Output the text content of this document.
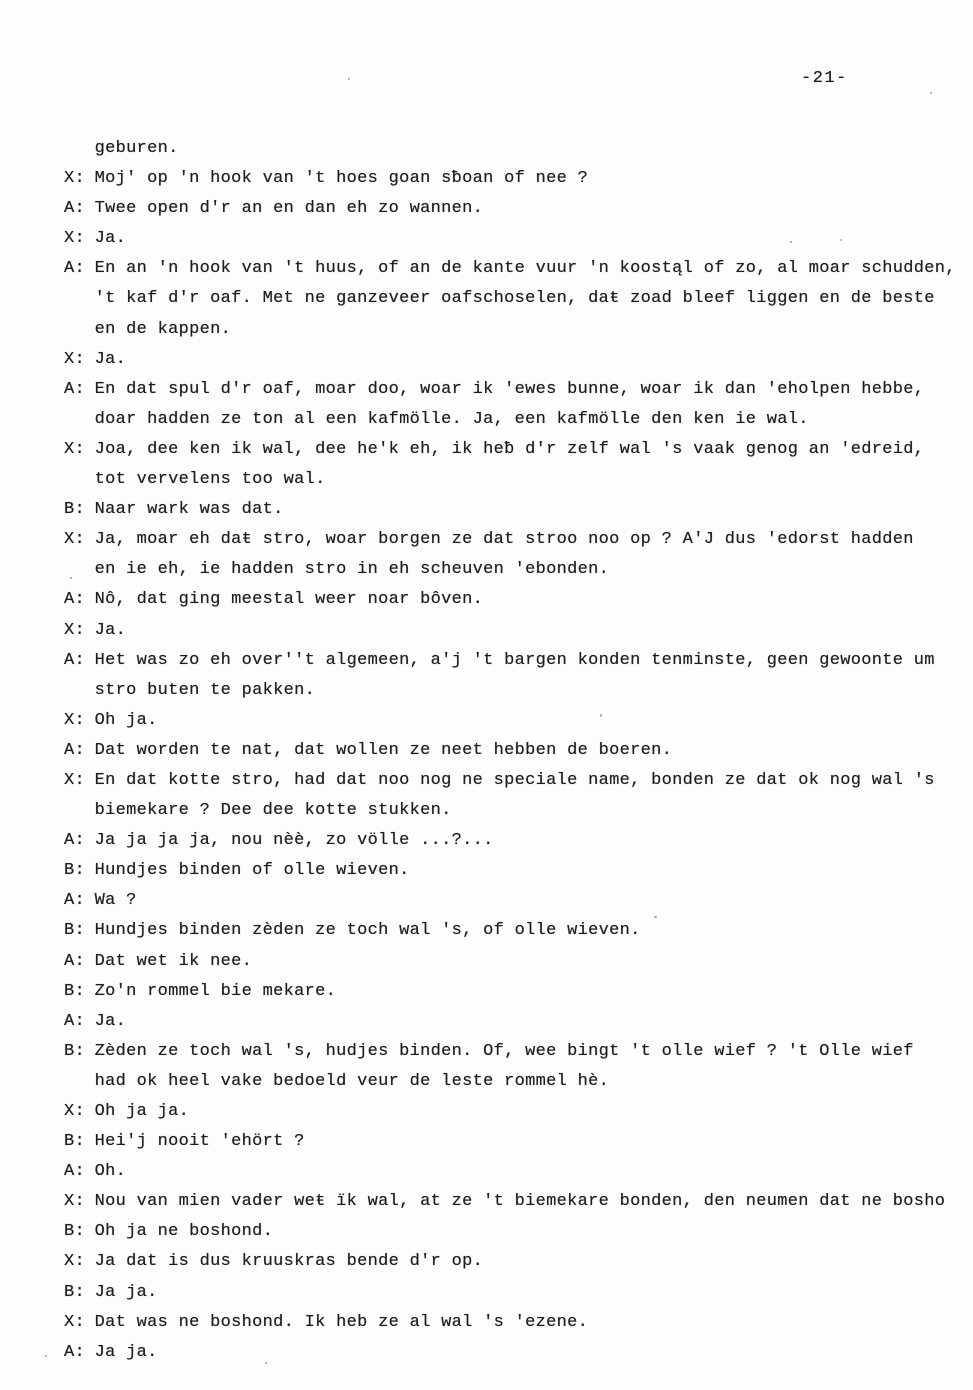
-21-
geburen.
X: Moj' op 'n hook van 't hoes goan sƀoan of nee ?
A: Twee open d'r an en dan eh zo wannen.
X: Ja.
A: En an 'n hook van 't huus, of an de kante vuur 'n koostąl of zo, al moar schudden,
't kaf d'r oaf. Met ne ganzeveer oafschoselen, daŧ zoad bleef liggen en de beste
en de kappen.
X: Ja.
A: En dat spul d'r oaf, moar doo, woar ik 'ewes bunne, woar ik dan 'eholpen hebbe,
doar hadden ze ton al een kafmölle. Ja, een kafmölle den ken ie wal.
X: Joa, dee ken ik wal, dee he'k eh, ik heƀ d'r zelf wal 's vaak genog an 'edreid,
tot vervelens too wal.
B: Naar wark was dat.
X: Ja, moar eh daŧ stro, woar borgen ze dat stroo noo op ? A'J dus 'edorst hadden
en ie eh, ie hadden stro in eh scheuven 'ebonden.
A: Nô, dat ging meestal weer noar bôven.
X: Ja.
A: Het was zo eh over''t algemeen, a'j 't bargen konden tenminste, geen gewoonte um
stro buten te pakken.
X: Oh ja.
A: Dat worden te nat, dat wollen ze neet hebben de boeren.
X: En dat kotte stro, had dat noo nog ne speciale name, bonden ze dat ok nog wal 's
biemekare ? Dee dee kotte stukken.
A: Ja ja ja ja, nou nèè, zo völle ...?...
B: Hundjes binden of olle wieven.
A: Wa ?
B: Hundjes binden zèden ze toch wal 's, of olle wieven.
A: Dat wet ik nee.
B: Zo'n rommel bie mekare.
A: Ja.
B: Zèden ze toch wal 's, hudjes binden. Of, wee bingt 't olle wief ? 't Olle wief
had ok heel vake bedoeld veur de leste rommel hè.
X: Oh ja ja.
B: Hei'j nooit 'ehört ?
A: Oh.
X: Nou van mien vader weŧ ïk wal, at ze 't biemekare bonden, den neumen dat ne bosho
B: Oh ja ne boshond.
X: Ja dat is dus kruuskras bende d'r op.
B: Ja ja.
X: Dat was ne boshond. Ik heb ze al wal 's 'ezene.
A: Ja ja.
